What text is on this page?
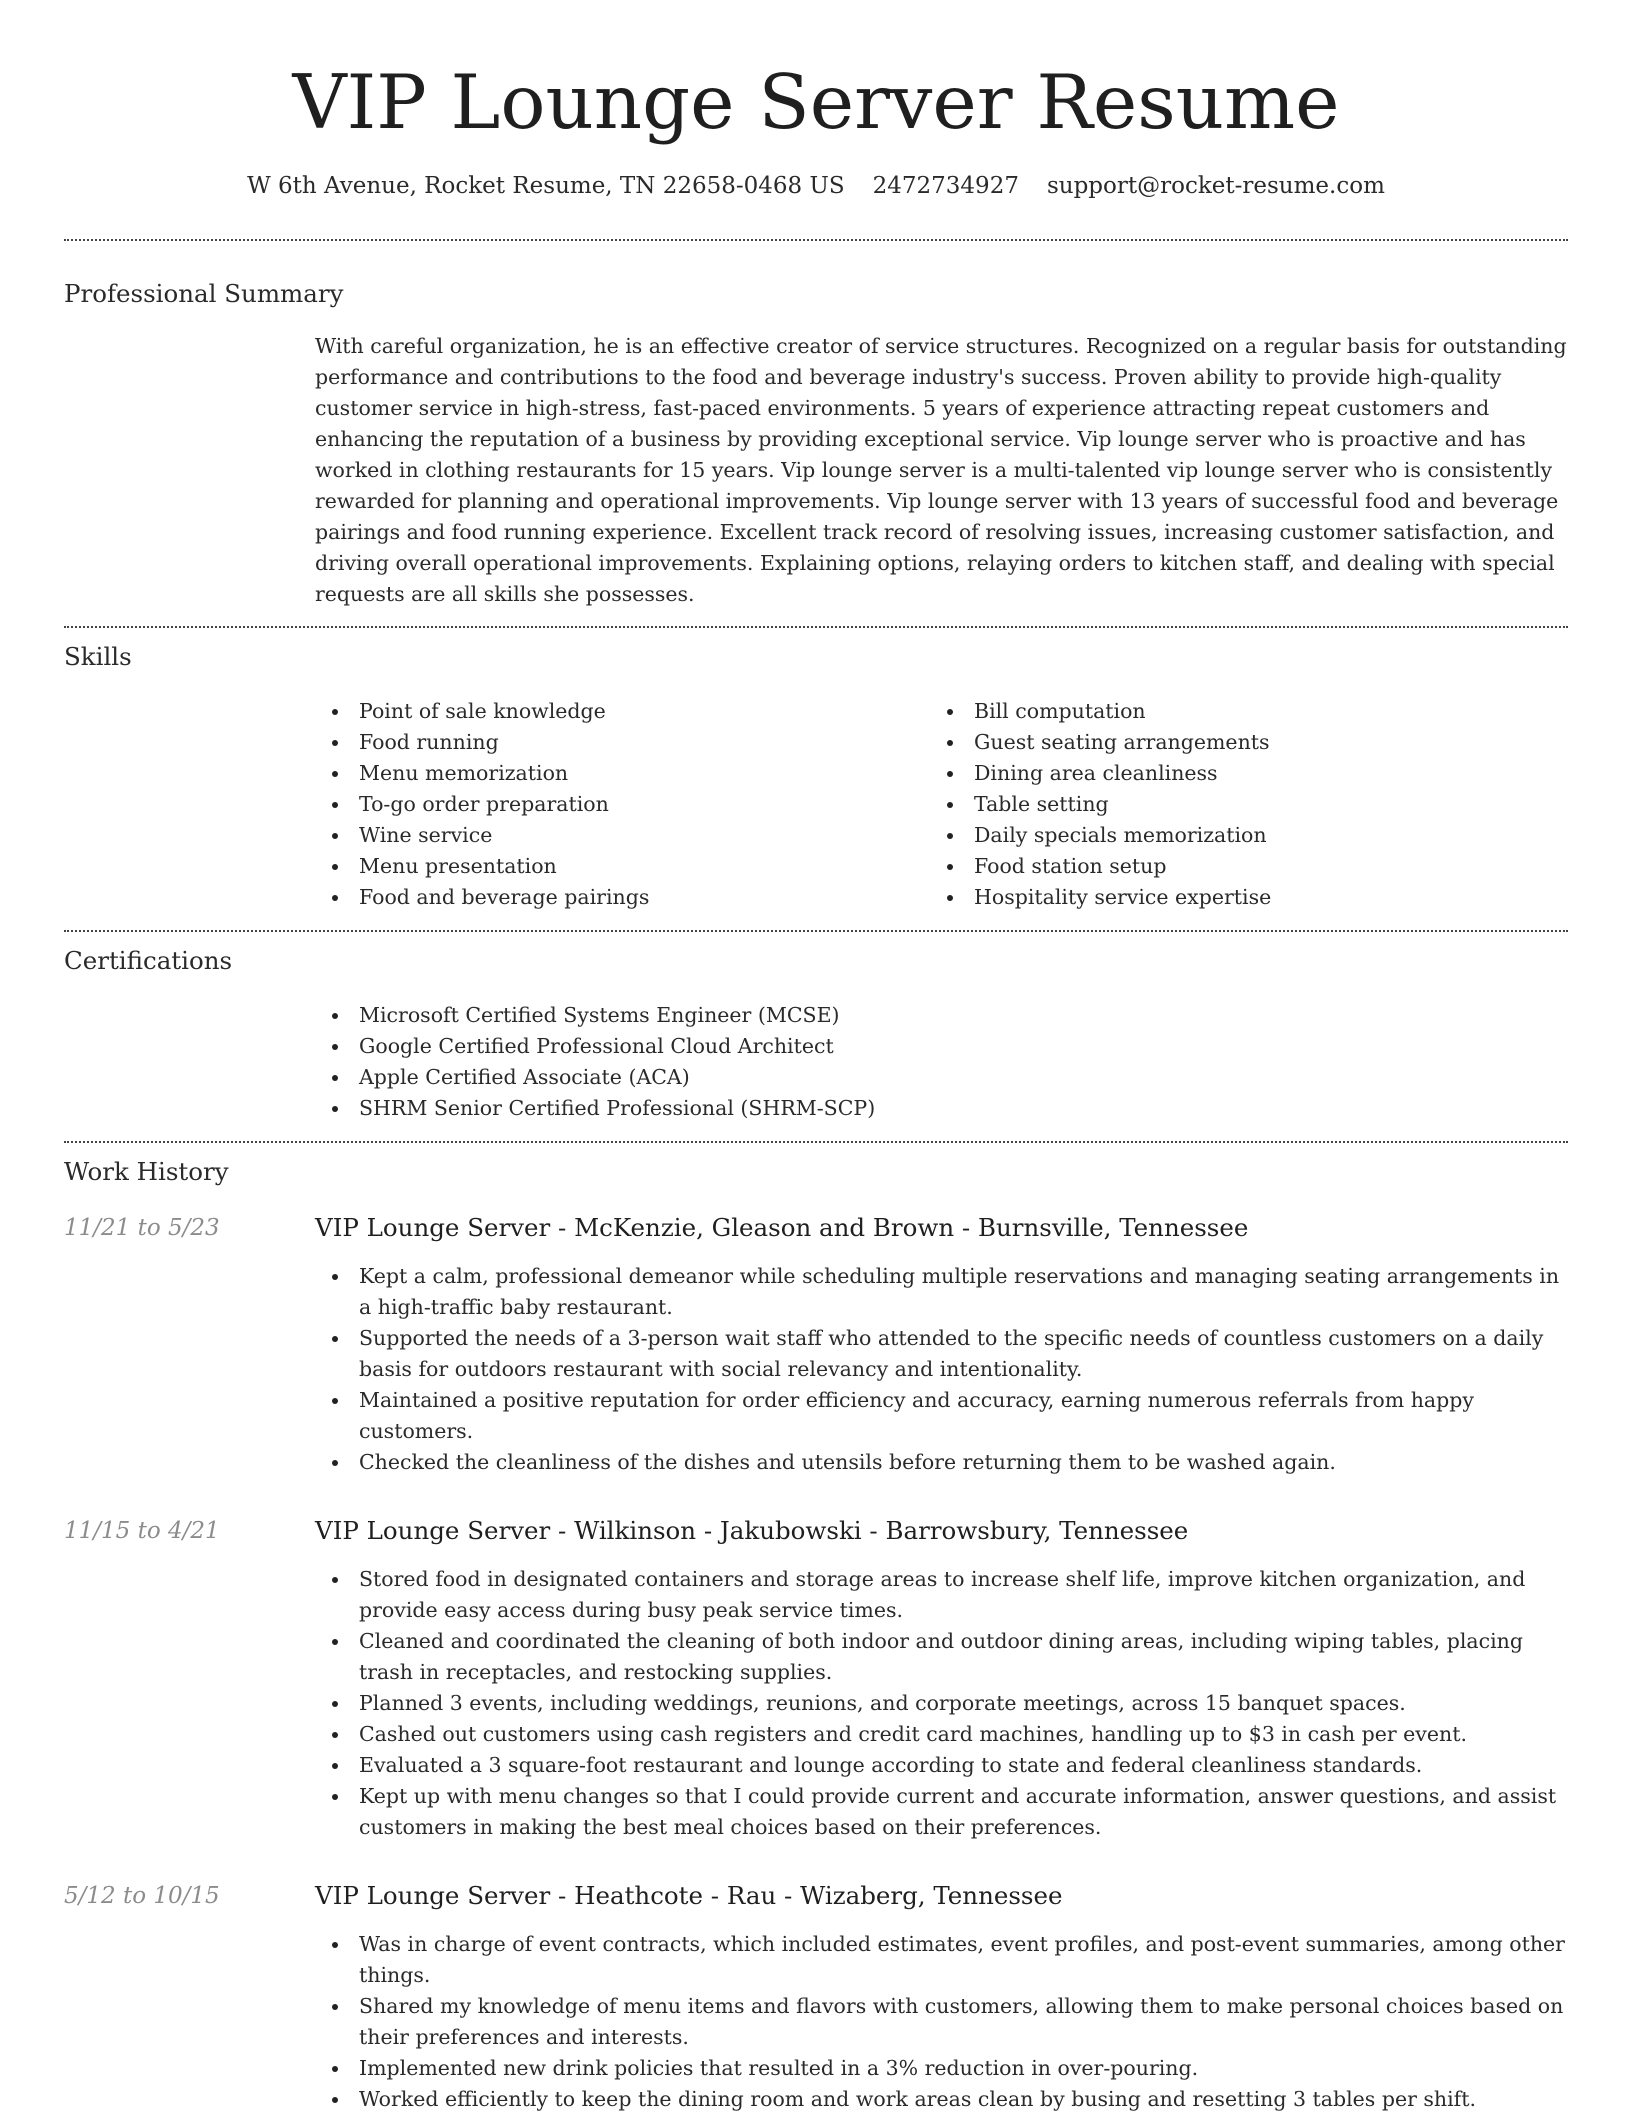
VIP Lounge Server Resume
W 6th Avenue, Rocket Resume, TN 22658-0468 US 2472734927 support@rocket-resume.com
Professional Summary

With careful organization, he is an effective creator of service structures. Recognized on a regular basis for outstanding performance and contributions to the food and beverage industry's success. Proven ability to provide high-quality customer service in high-stress, fast-paced environments. 5 years of experience attracting repeat customers and enhancing the reputation of a business by providing exceptional service. Vip lounge server who is proactive and has worked in clothing restaurants for 15 years. Vip lounge server is a multi-talented vip lounge server who is consistently rewarded for planning and operational improvements. Vip lounge server with 13 years of successful food and beverage pairings and food running experience. Excellent track record of resolving issues, increasing customer satisfaction, and driving overall operational improvements. Explaining options, relaying orders to kitchen staff, and dealing with special requests are all skills she possesses.

Skills
Point of sale knowledge
Food running
Menu memorization
To-go order preparation
Wine service
Menu presentation
Food and beverage pairings
Bill computation
Guest seating arrangements
Dining area cleanliness
Table setting
Daily specials memorization
Food station setup
Hospitality service expertise
Certifications
Microsoft Certified Systems Engineer (MCSE)
Google Certified Professional Cloud Architect
Apple Certified Associate (ACA)
SHRM Senior Certified Professional (SHRM-SCP)
Work History
11/21 to 5/23	VIP Lounge Server - McKenzie, Gleason and Brown - Burnsville, Tennessee
Kept a calm, professional demeanor while scheduling multiple reservations and managing seating arrangements in a high-traffic baby restaurant.
Supported the needs of a 3-person wait staff who attended to the specific needs of countless customers on a daily basis for outdoors restaurant with social relevancy and intentionality.
Maintained a positive reputation for order efficiency and accuracy, earning numerous referrals from happy customers.
Checked the cleanliness of the dishes and utensils before returning them to be washed again.
11/15 to 4/21	VIP Lounge Server - Wilkinson - Jakubowski - Barrowsbury, Tennessee
Stored food in designated containers and storage areas to increase shelf life, improve kitchen organization, and provide easy access during busy peak service times.
Cleaned and coordinated the cleaning of both indoor and outdoor dining areas, including wiping tables, placing trash in receptacles, and restocking supplies.
Planned 3 events, including weddings, reunions, and corporate meetings, across 15 banquet spaces.
Cashed out customers using cash registers and credit card machines, handling up to $3 in cash per event.
Evaluated a 3 square-foot restaurant and lounge according to state and federal cleanliness standards.
Kept up with menu changes so that I could provide current and accurate information, answer questions, and assist customers in making the best meal choices based on their preferences.
5/12 to 10/15	VIP Lounge Server - Heathcote - Rau - Wizaberg, Tennessee
Was in charge of event contracts, which included estimates, event profiles, and post-event summaries, among other things.
Shared my knowledge of menu items and flavors with customers, allowing them to make personal choices based on their preferences and interests.
Implemented new drink policies that resulted in a 3% reduction in over-pouring.
Worked efficiently to keep the dining room and work areas clean by busing and resetting 3 tables per shift.
